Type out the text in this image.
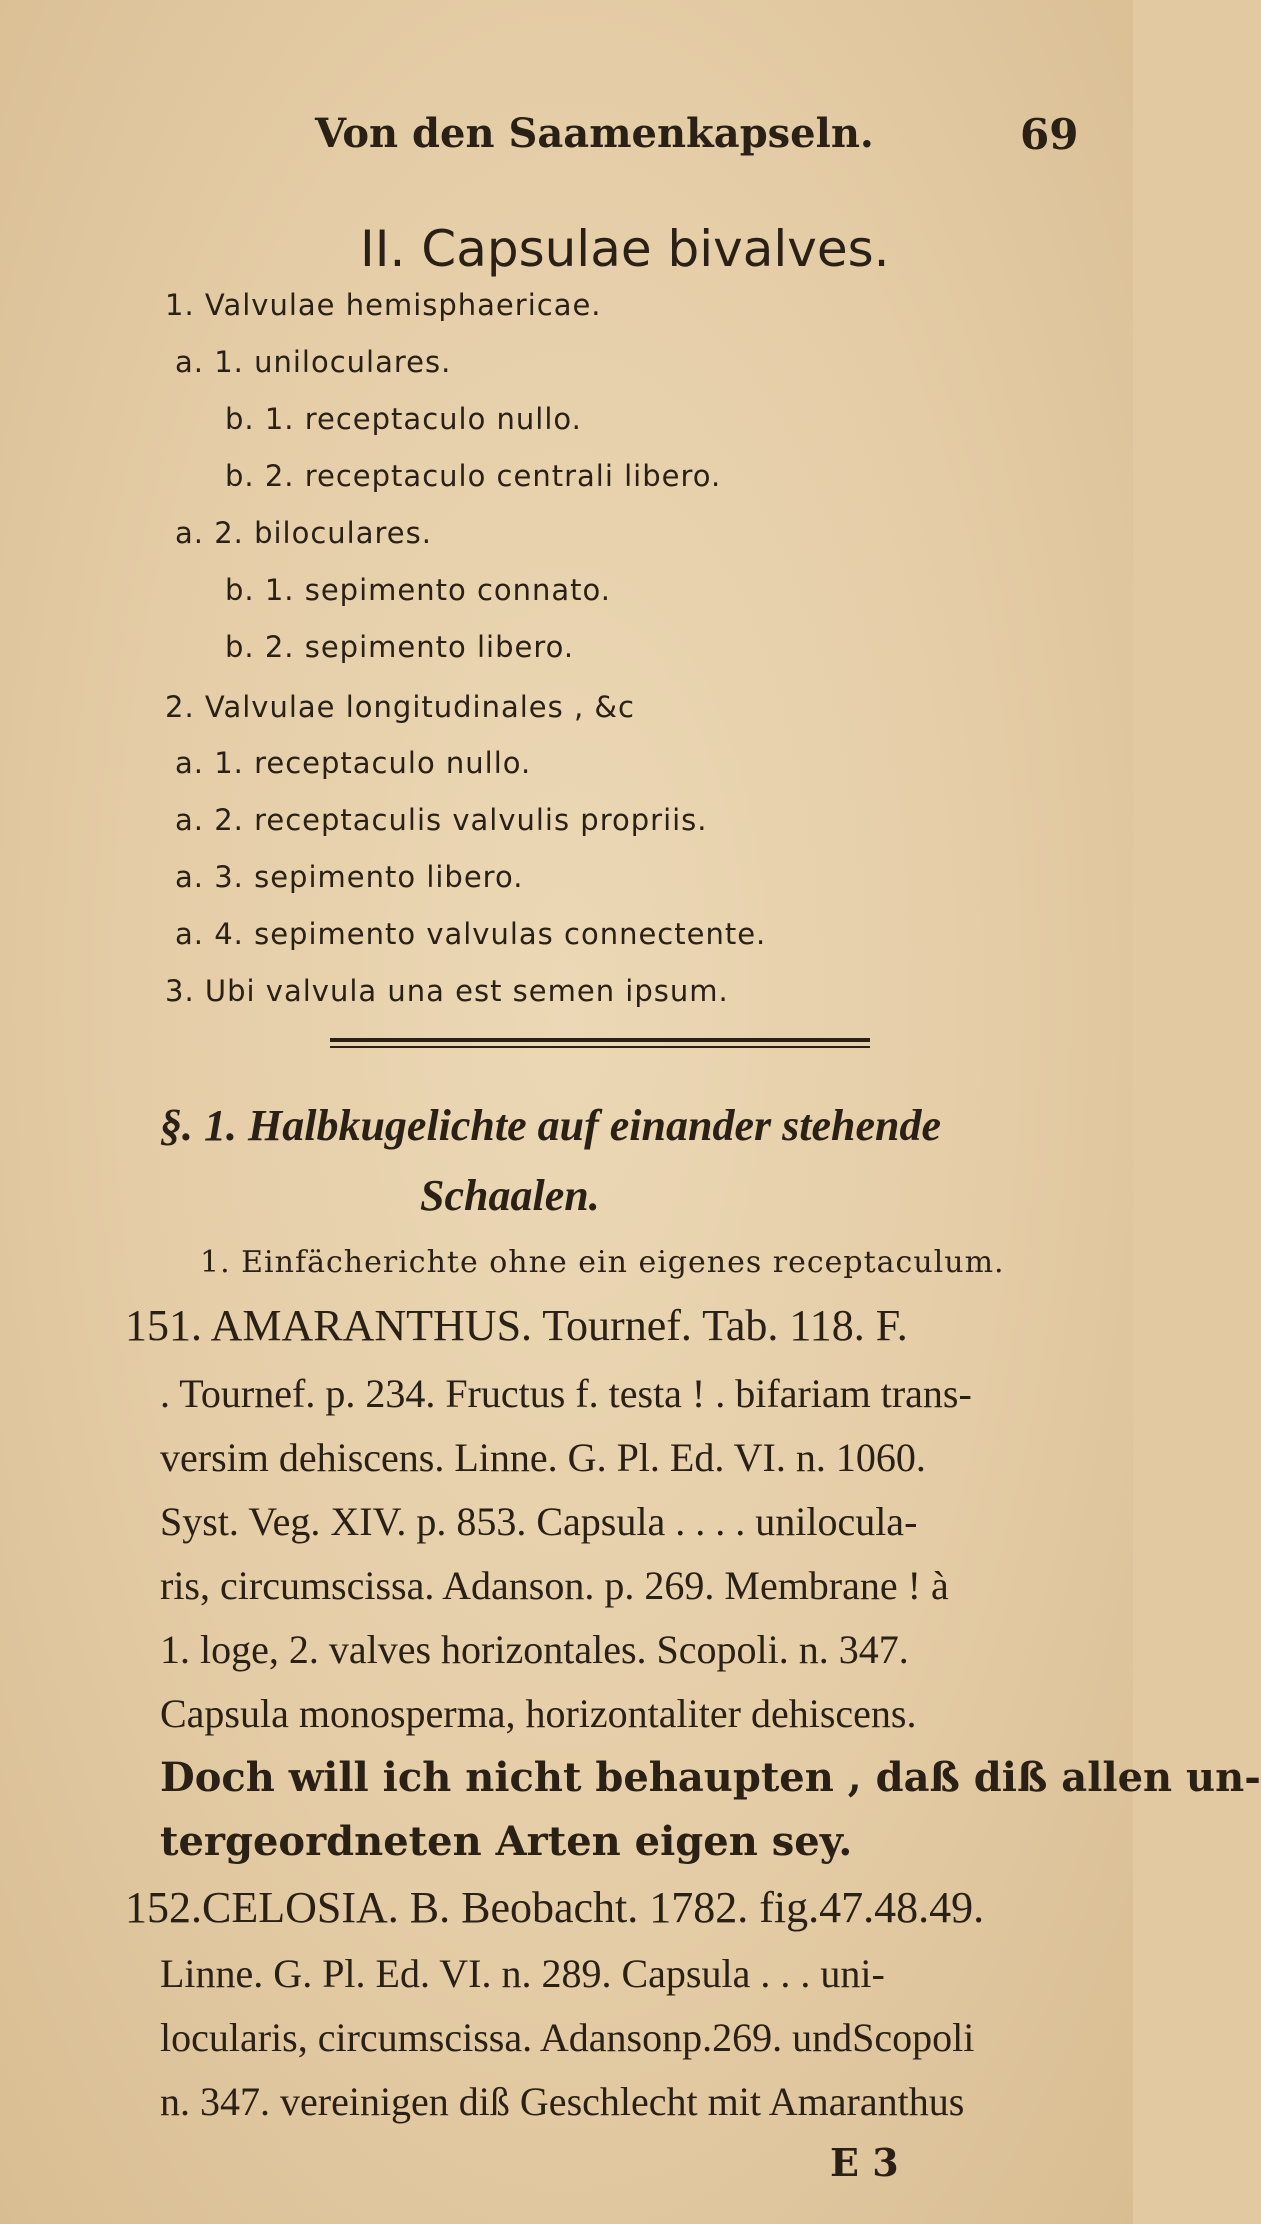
Von den Saamenkapseln.	69
II. Capsulae bivalves.
1. Valvulae hemisphaericae.
a. 1. uniloculares.
b. 1. receptaculo nullo.
b. 2. receptaculo centrali libero.
a. 2. biloculares.
b. 1. sepimento connato.
b. 2. sepimento libero.
2. Valvulae longitudinales , &c
a. 1. receptaculo nullo.
a. 2. receptaculis valvulis propriis.
a. 3. sepimento libero.
a. 4. sepimento valvulas connectente.
3. Ubi valvula una est semen ipsum.
§. 1. Halbkugelichte auf einander stehende
Schaalen.
1. Einfächerichte ohne ein eigenes receptaculum.
151. AMARANTHUS. Tournef. Tab. 118. F.
. Tournef. p. 234. Fructus f. testa ! . bifariam trans-
versim dehiscens. Linne. G. Pl. Ed. VI. n. 1060.
Syst. Veg. XIV. p. 853. Capsula . . . . unilocula-
ris, circumscissa. Adanson. p. 269. Membrane ! à
1. loge, 2. valves horizontales. Scopoli. n. 347.
Capsula monosperma, horizontaliter dehiscens.
Doch will ich nicht behaupten , daß diß allen un-
tergeordneten Arten eigen sey.
152.CELOSIA. B. Beobacht. 1782. fig.47.48.49.
Linne. G. Pl. Ed. VI. n. 289. Capsula . . . uni-
locularis, circumscissa. Adansonp.269. undScopoli
n. 347. vereinigen diß Geschlecht mit Amaranthus
E 3
